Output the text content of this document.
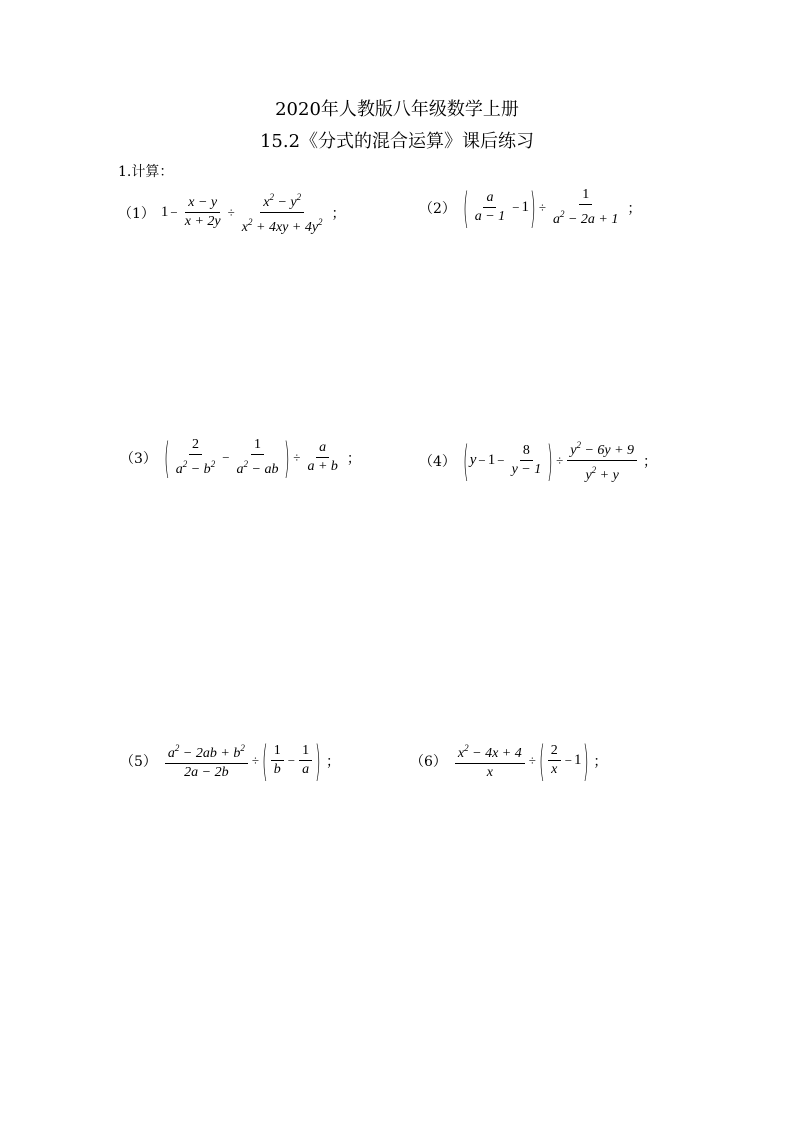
2020年人教版八年级数学上册
15.2《分式的混合运算》课后练习
1.计算：
（1） $1 - \frac{x - y}{x + 2y} \div \frac{x^2 - y^2}{x^2 + 4xy + 4y^2}$ ；	（2） ( $\frac{a}{a - 1} - 1$ ) ÷ $\frac{1}{a^2 - 2a + 1}$ ；
（3） ( $\frac{2}{a^2 - b^2} - \frac{1}{a^2 - ab}$ ) ÷ $\frac{a}{a + b}$ ；	（4） ( $y - 1 - \frac{8}{y - 1}$ ) ÷ $\frac{y^2 - 6y + 9}{y^2 + y}$ ；
$(5) \frac{a^2 - 2ab + b^2}{2a - 2b}$ ÷ ( $\frac{1}{b} - \frac{1}{a}$ ) ；	$(6) \frac{x^2 - 4x + 4}{x}$ ÷ ( $\frac{2}{x} - 1$ ) ；
